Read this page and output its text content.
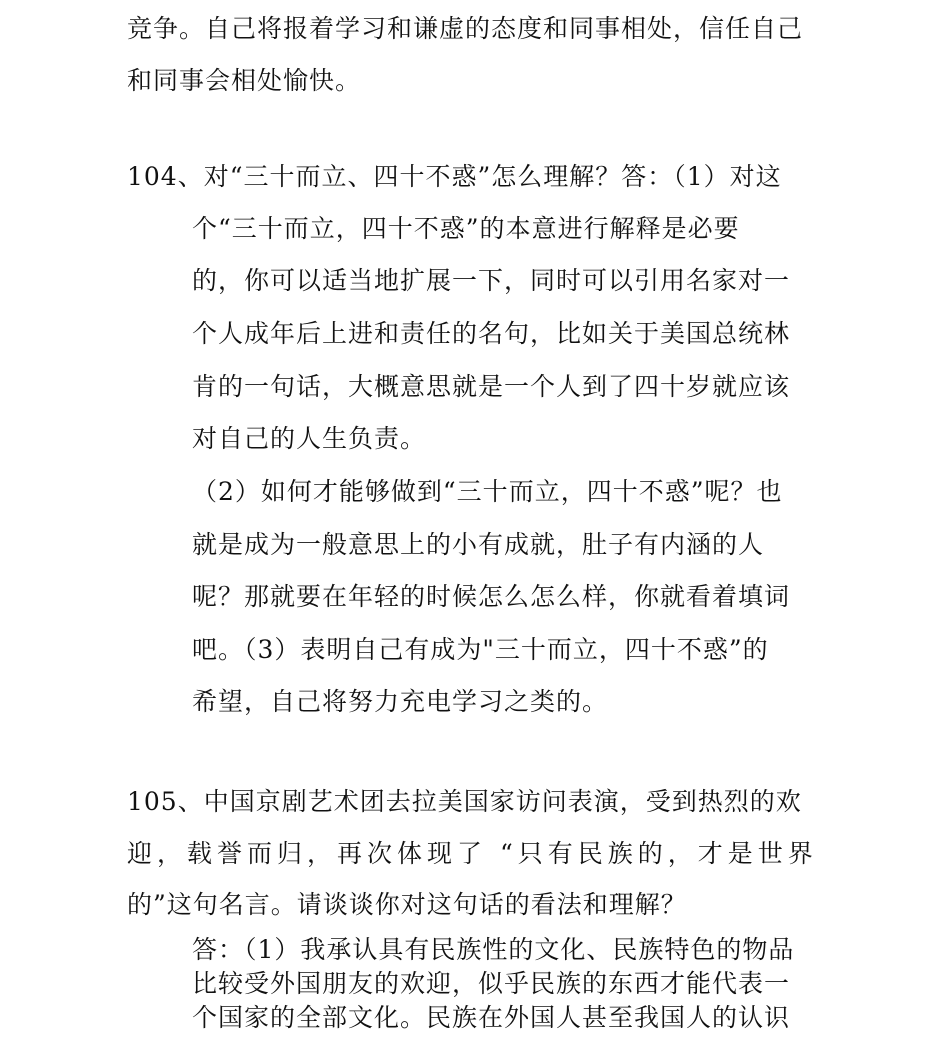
竞争。自己将报着学习和谦虚的态度和同事相处，信任自己
和同事会相处愉快。
104、对“三十而立、四十不惑”怎么理解？答：（1）对这
个“三十而立，四十不惑”的本意进行解释是必要
的，你可以适当地扩展一下，同时可以引用名家对一
个人成年后上进和责任的名句，比如关于美国总统林
肯的一句话，大概意思就是一个人到了四十岁就应该
对自己的人生负责。
（2）如何才能够做到“三十而立，四十不惑”呢？也
就是成为一般意思上的小有成就，肚子有内涵的人
呢？那就要在年轻的时候怎么怎么样，你就看着填词
吧。（3）表明自己有成为"三十而立，四十不惑”的
希望，自己将努力充电学习之类的。
105、中国京剧艺术团去拉美国家访问表演，受到热烈的欢
迎，载誉而归，再次体现了 “只有民族的，才是世界
的”这句名言。请谈谈你对这句话的看法和理解？
答：（1）我承认具有民族性的文化、民族特色的物品
比较受外国朋友的欢迎，似乎民族的东西才能代表一
个国家的全部文化。民族在外国人甚至我国人的认识
